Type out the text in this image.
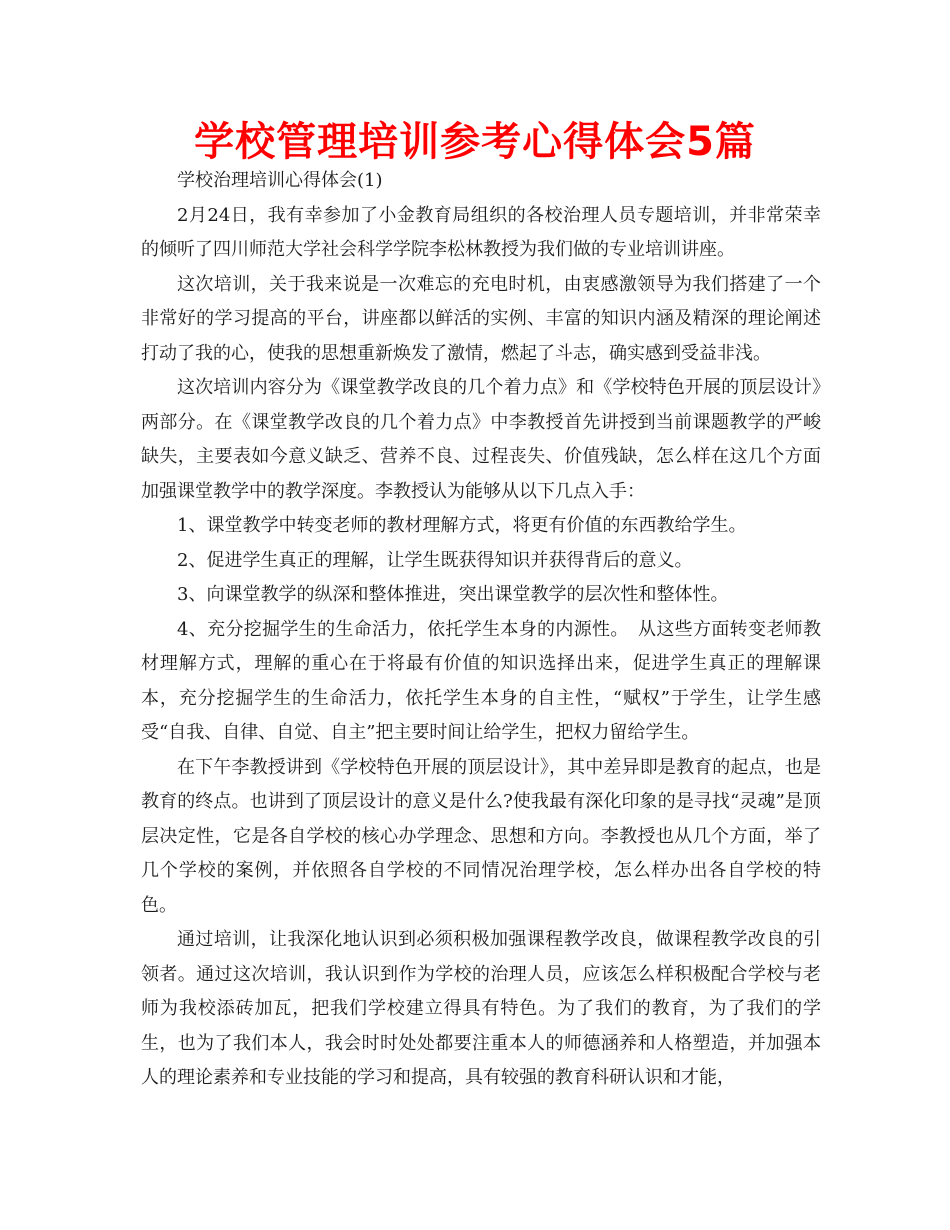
学校管理培训参考心得体会5篇

学校治理培训心得体会(1)

2月24日，我有幸参加了小金教育局组织的各校治理人员专题培训，并非常荣幸的倾听了四川师范大学社会科学学院李松林教授为我们做的专业培训讲座。

这次培训，关于我来说是一次难忘的充电时机，由衷感激领导为我们搭建了一个非常好的学习提高的平台，讲座都以鲜活的实例、丰富的知识内涵及精深的理论阐述打动了我的心，使我的思想重新焕发了激情，燃起了斗志，确实感到受益非浅。

这次培训内容分为《课堂教学改良的几个着力点》和《学校特色开展的顶层设计》两部分。在《课堂教学改良的几个着力点》中李教授首先讲授到当前课题教学的严峻缺失，主要表如今意义缺乏、营养不良、过程丧失、价值残缺，怎么样在这几个方面加强课堂教学中的教学深度。李教授认为能够从以下几点入手：

1、课堂教学中转变老师的教材理解方式，将更有价值的东西教给学生。

2、促进学生真正的理解，让学生既获得知识并获得背后的意义。

3、向课堂教学的纵深和整体推进，突出课堂教学的层次性和整体性。

4、充分挖掘学生的生命活力，依托学生本身的内源性。　从这些方面转变老师教材理解方式，理解的重心在于将最有价值的知识选择出来，促进学生真正的理解课本，充分挖掘学生的生命活力，依托学生本身的自主性，“赋权”于学生，让学生感受“自我、自律、自觉、自主”把主要时间让给学生，把权力留给学生。

在下午李教授讲到《学校特色开展的顶层设计》，其中差异即是教育的起点，也是教育的终点。也讲到了顶层设计的意义是什么?使我最有深化印象的是寻找“灵魂”是顶层决定性，它是各自学校的核心办学理念、思想和方向。李教授也从几个方面，举了几个学校的案例，并依照各自学校的不同情况治理学校，怎么样办出各自学校的特色。

通过培训，让我深化地认识到必须积极加强课程教学改良，做课程教学改良的引领者。通过这次培训，我认识到作为学校的治理人员，应该怎么样积极配合学校与老师为我校添砖加瓦，把我们学校建立得具有特色。为了我们的教育，为了我们的学生，也为了我们本人，我会时时处处都要注重本人的师德涵养和人格塑造，并加强本人的理论素养和专业技能的学习和提高，具有较强的教育科研认识和才能，
